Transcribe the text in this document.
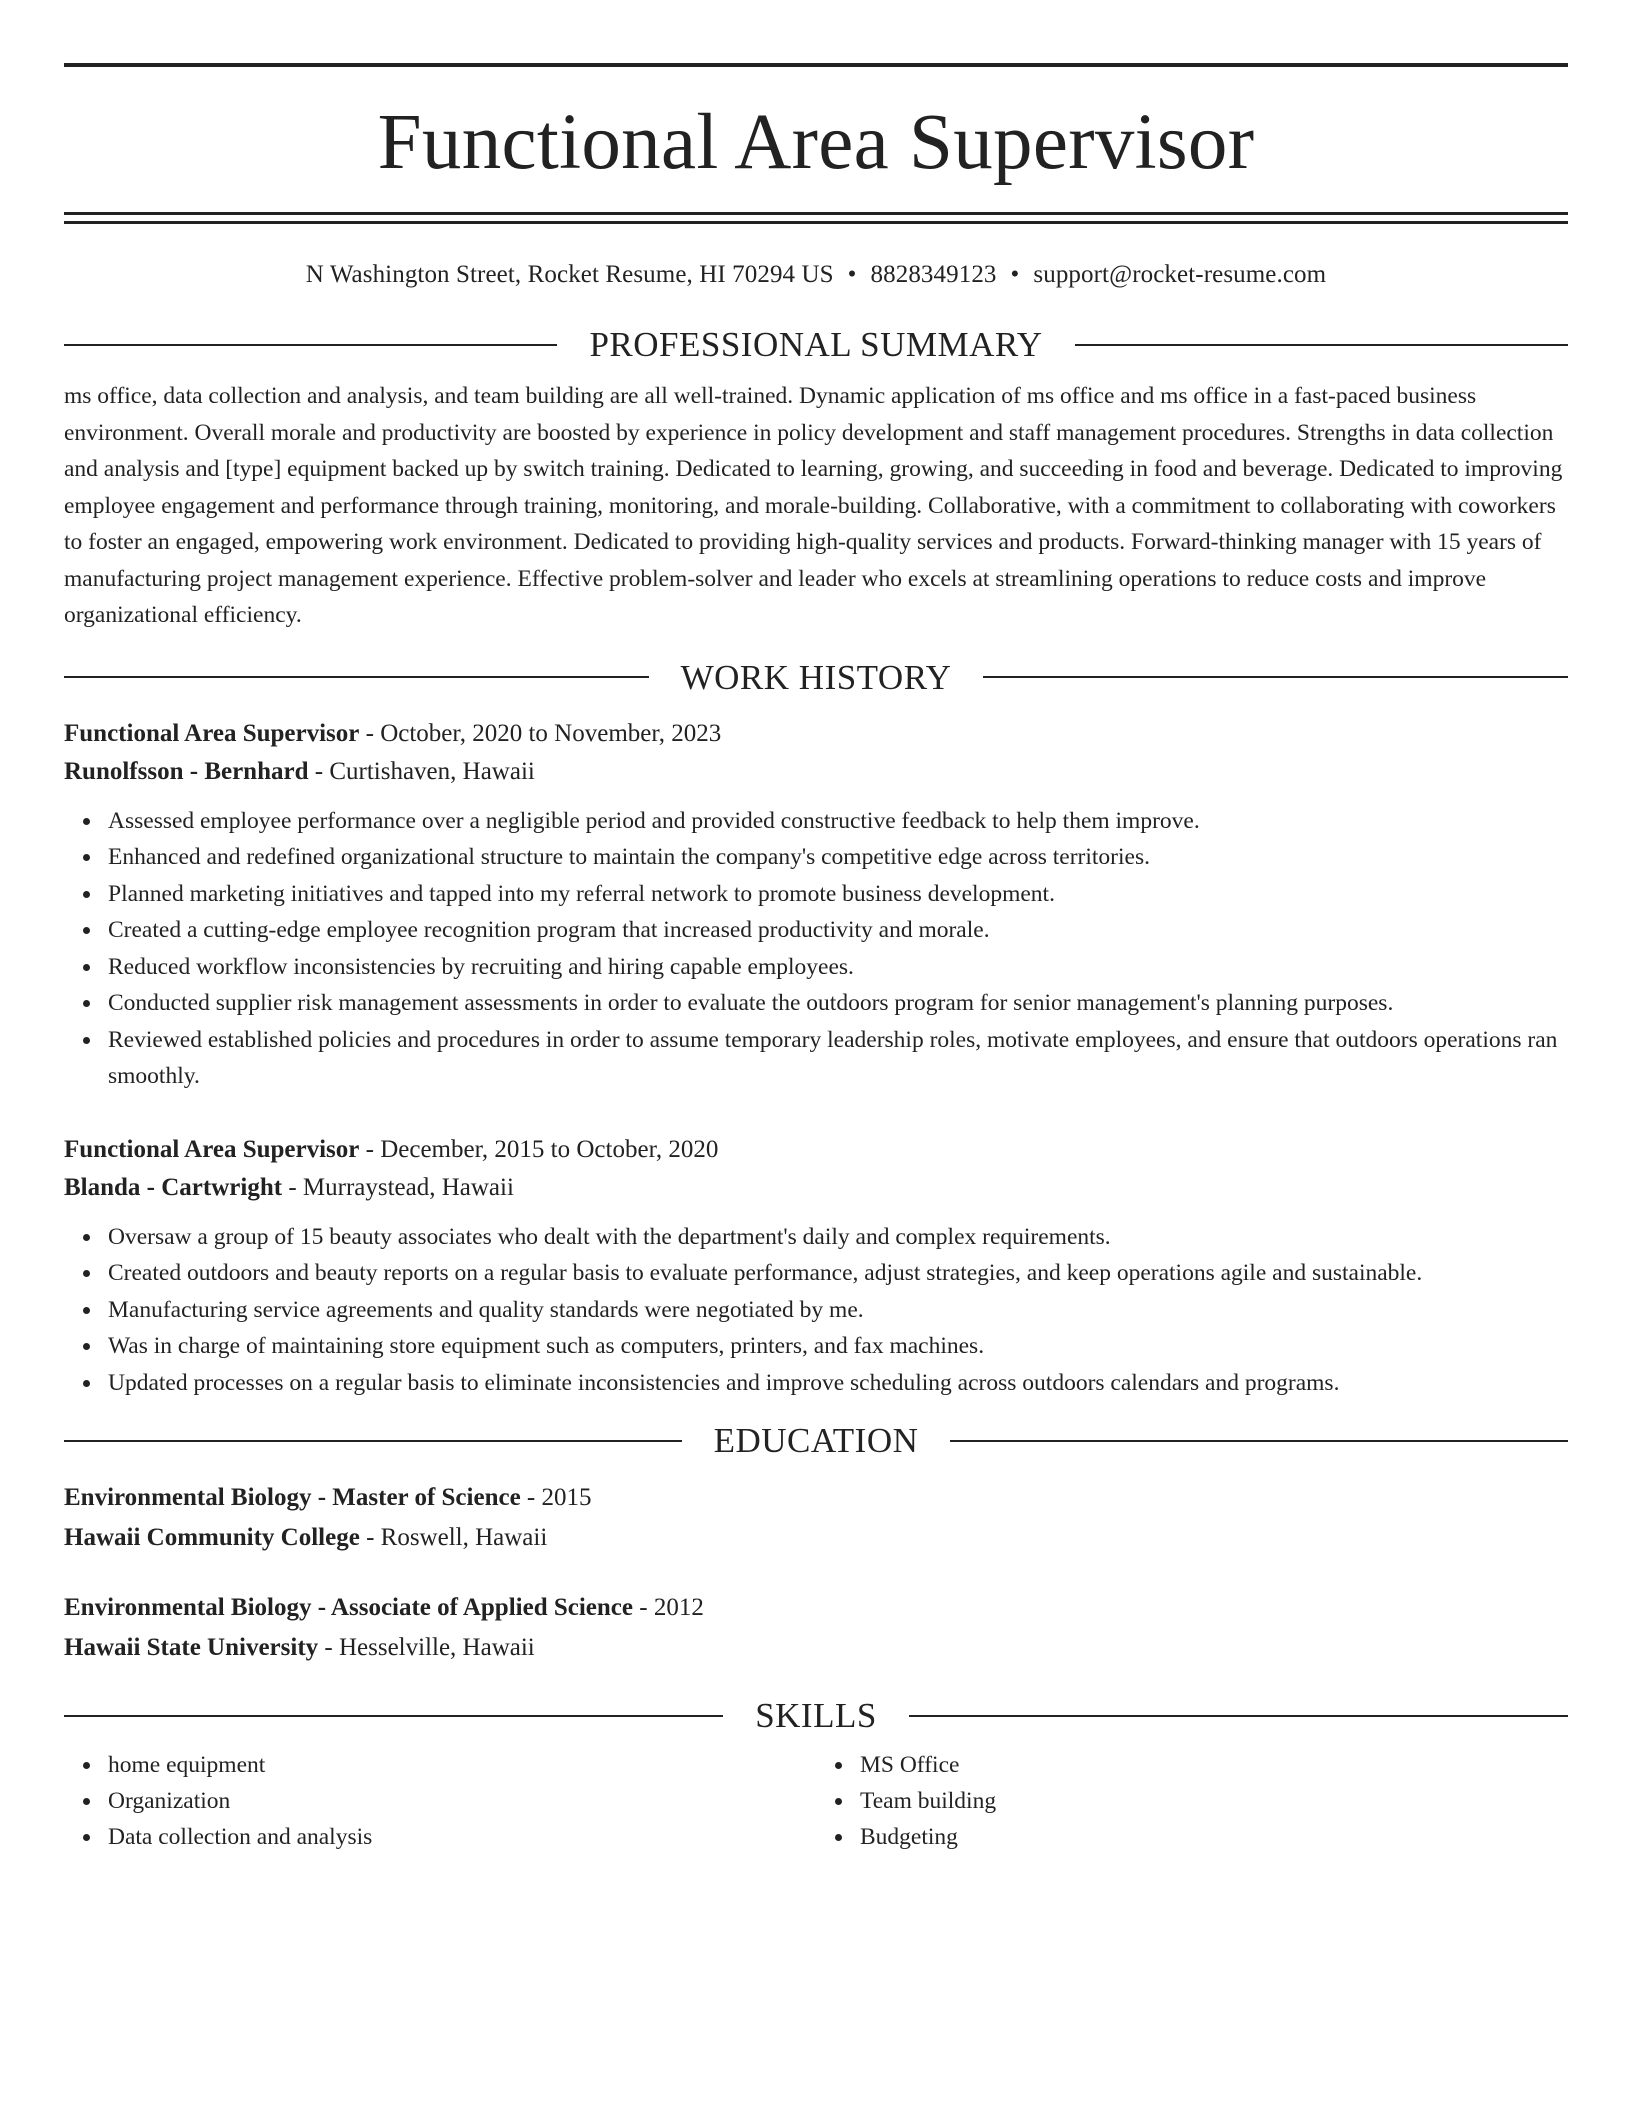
Functional Area Supervisor
N Washington Street, Rocket Resume, HI 70294 US • 8828349123 • support@rocket-resume.com
PROFESSIONAL SUMMARY

ms office, data collection and analysis, and team building are all well-trained. Dynamic application of ms office and ms office in a fast-paced business environment. Overall morale and productivity are boosted by experience in policy development and staff management procedures. Strengths in data collection and analysis and [type] equipment backed up by switch training. Dedicated to learning, growing, and succeeding in food and beverage. Dedicated to improving employee engagement and performance through training, monitoring, and morale-building. Collaborative, with a commitment to collaborating with coworkers to foster an engaged, empowering work environment. Dedicated to providing high-quality services and products. Forward-thinking manager with 15 years of manufacturing project management experience. Effective problem-solver and leader who excels at streamlining operations to reduce costs and improve organizational efficiency.

WORK HISTORY
Functional Area Supervisor - October, 2020 to November, 2023
Runolfsson - Bernhard - Curtishaven, Hawaii
Assessed employee performance over a negligible period and provided constructive feedback to help them improve.
Enhanced and redefined organizational structure to maintain the company's competitive edge across territories.
Planned marketing initiatives and tapped into my referral network to promote business development.
Created a cutting-edge employee recognition program that increased productivity and morale.
Reduced workflow inconsistencies by recruiting and hiring capable employees.
Conducted supplier risk management assessments in order to evaluate the outdoors program for senior management's planning purposes.
Reviewed established policies and procedures in order to assume temporary leadership roles, motivate employees, and ensure that outdoors operations ran smoothly.
Functional Area Supervisor - December, 2015 to October, 2020
Blanda - Cartwright - Murraystead, Hawaii
Oversaw a group of 15 beauty associates who dealt with the department's daily and complex requirements.
Created outdoors and beauty reports on a regular basis to evaluate performance, adjust strategies, and keep operations agile and sustainable.
Manufacturing service agreements and quality standards were negotiated by me.
Was in charge of maintaining store equipment such as computers, printers, and fax machines.
Updated processes on a regular basis to eliminate inconsistencies and improve scheduling across outdoors calendars and programs.
EDUCATION
Environmental Biology - Master of Science - 2015
Hawaii Community College - Roswell, Hawaii
Environmental Biology - Associate of Applied Science - 2012
Hawaii State University - Hesselville, Hawaii
SKILLS
home equipment
Organization
Data collection and analysis
MS Office
Team building
Budgeting
